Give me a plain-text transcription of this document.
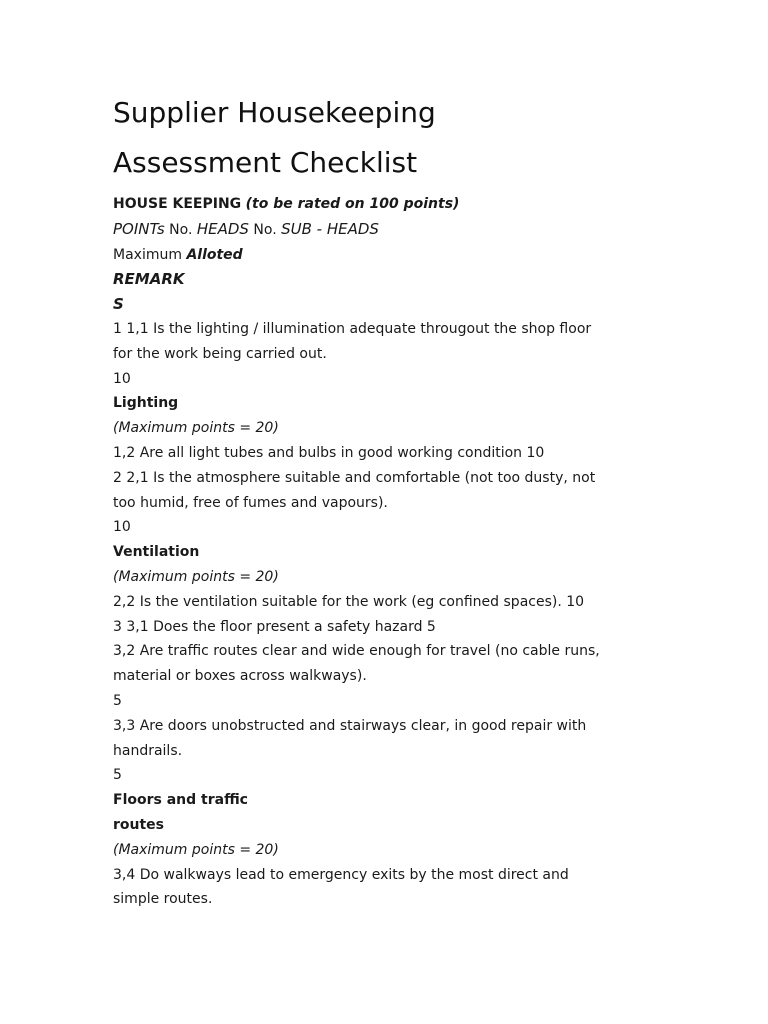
Supplier Housekeeping
Assessment Checklist

HOUSE KEEPING (to be rated on 100 points)

POINTs No. HEADS No. SUB - HEADS

Maximum Alloted

REMARK

S

1 1,1 Is the lighting / illumination adequate througout the shop floor

for the work being carried out.

10

Lighting

(Maximum points = 20)

1,2 Are all light tubes and bulbs in good working condition 10

2 2,1 Is the atmosphere suitable and comfortable (not too dusty, not

too humid, free of fumes and vapours).

10

Ventilation

(Maximum points = 20)

2,2 Is the ventilation suitable for the work (eg confined spaces). 10

3 3,1 Does the floor present a safety hazard 5

3,2 Are traffic routes clear and wide enough for travel (no cable runs,

material or boxes across walkways).

5

3,3 Are doors unobstructed and stairways clear, in good repair with

handrails.

5

Floors and traffic

routes

(Maximum points = 20)

3,4 Do walkways lead to emergency exits by the most direct and

simple routes.
